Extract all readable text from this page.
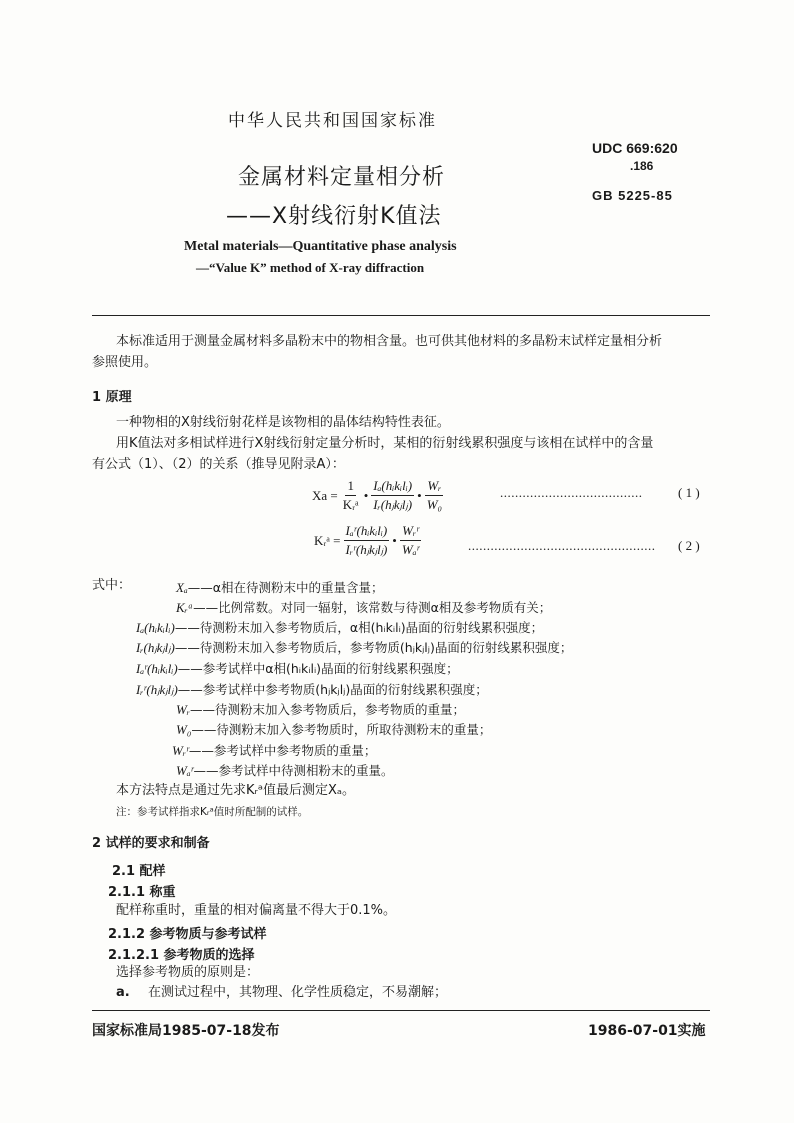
中华人民共和国国家标准
UDC 669:620
.186
GB 5225-85
金属材料定量相分析
——X射线衍射K值法
Metal materials—Quantitative phase analysis
—“Value K” method of X-ray diffraction
本标准适用于测量金属材料多晶粉末中的物相含量。也可供其他材料的多晶粉末试样定量相分析
参照使用。
1 原理
一种物相的X射线衍射花样是该物相的晶体结构特性表征。
用K值法对多相试样进行X射线衍射定量分析时，某相的衍射线累积强度与该相在试样中的含量
有公式（1）、（2）的关系（推导见附录A）：
$Xa = \frac{1}{\text{Kᵣᵃ}}$ • $\frac{\text{Iₐ(hᵢkᵢlᵢ)}}{\text{Iᵣ(hⱼkⱼlⱼ)}}$ • $\frac{\text{Wᵣ}}{\text{W₀}}$	......................................	( 1 )
Kᵣᵃ = $\frac{\text{Iₐʳ(hᵢkᵢlᵢ)}}{\text{Iᵣʳ(hⱼkⱼlⱼ)}}$ • $\frac{\text{Wᵣʳ}}{\text{Wₐʳ}}$	.................................................. ( 2 )
式中：	Xₐ——α相在待测粉末中的重量含量；
Kᵣᵃ——比例常数。对同一辐射，该常数与待测α相及参考物质有关；
Iₐ(hᵢkᵢlᵢ)——待测粉末加入参考物质后，α相(hᵢkᵢlᵢ)晶面的衍射线累积强度；
Iᵣ(hⱼkⱼlⱼ)——待测粉末加入参考物质后，参考物质(hⱼkⱼlⱼ)晶面的衍射线累积强度；
Iₐʳ(hᵢkᵢlᵢ)——参考试样中α相(hᵢkᵢlᵢ)晶面的衍射线累积强度；
Iᵣʳ(hⱼkⱼlⱼ)——参考试样中参考物质(hⱼkⱼlⱼ)晶面的衍射线累积强度；
Wᵣ——待测粉末加入参考物质后，参考物质的重量；
W₀——待测粉末加入参考物质时，所取待测粉末的重量；
Wᵣʳ——参考试样中参考物质的重量；
Wₐʳ——参考试样中待测相粉末的重量。
本方法特点是通过先求Kᵣᵃ值最后测定Xₐ。
注：参考试样指求Kᵣᵃ值时所配制的试样。
2 试样的要求和制备
2.1 配样
2.1.1 称重
配样称重时，重量的相对偏离量不得大于0.1%。
2.1.2 参考物质与参考试样
2.1.2.1 参考物质的选择
选择参考物质的原则是：
a. 在测试过程中，其物理、化学性质稳定，不易潮解；
国家标准局1985-07-18发布	1986-07-01实施
